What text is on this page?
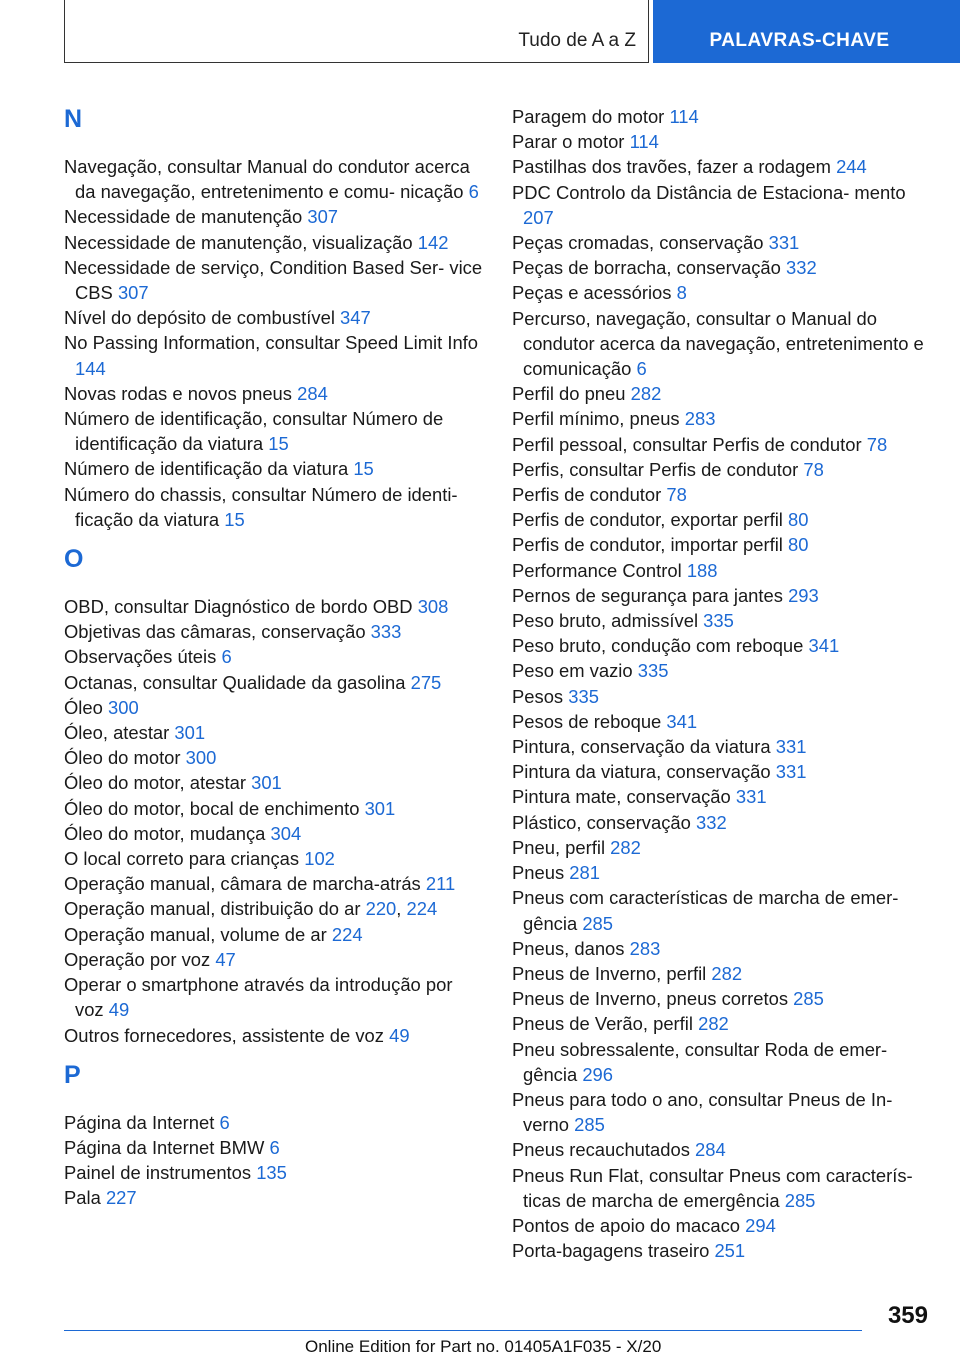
Tudo de A a Z	PALAVRAS-CHAVE
N
Navegação, consultar Manual do condutor acerca da navegação, entretenimento e comu- nicação 6
Necessidade de manutenção 307
Necessidade de manutenção, visualização 142
Necessidade de serviço, Condition Based Ser- vice CBS 307
Nível do depósito de combustível 347
No Passing Information, consultar Speed Limit Info 144
Novas rodas e novos pneus 284
Número de identificação, consultar Número de identificação da viatura 15
Número de identificação da viatura 15
Número do chassis, consultar Número de identi- ficação da viatura 15
O
OBD, consultar Diagnóstico de bordo OBD 308
Objetivas das câmaras, conservação 333
Observações úteis 6
Octanas, consultar Qualidade da gasolina 275
Óleo 300
Óleo, atestar 301
Óleo do motor 300
Óleo do motor, atestar 301
Óleo do motor, bocal de enchimento 301
Óleo do motor, mudança 304
O local correto para crianças 102
Operação manual, câmara de marcha-atrás 211
Operação manual, distribuição do ar 220, 224
Operação manual, volume de ar 224
Operação por voz 47
Operar o smartphone através da introdução por voz 49
Outros fornecedores, assistente de voz 49
P
Página da Internet 6
Página da Internet BMW 6
Painel de instrumentos 135
Pala 227
Paragem do motor 114
Parar o motor 114
Pastilhas dos travões, fazer a rodagem 244
PDC Controlo da Distância de Estaciona- mento 207
Peças cromadas, conservação 331
Peças de borracha, conservação 332
Peças e acessórios 8
Percurso, navegação, consultar o Manual do condutor acerca da navegação, entretenimento e comunicação 6
Perfil do pneu 282
Perfil mínimo, pneus 283
Perfil pessoal, consultar Perfis de condutor 78
Perfis, consultar Perfis de condutor 78
Perfis de condutor 78
Perfis de condutor, exportar perfil 80
Perfis de condutor, importar perfil 80
Performance Control 188
Pernos de segurança para jantes 293
Peso bruto, admissível 335
Peso bruto, condução com reboque 341
Peso em vazio 335
Pesos 335
Pesos de reboque 341
Pintura, conservação da viatura 331
Pintura da viatura, conservação 331
Pintura mate, conservação 331
Plástico, conservação 332
Pneu, perfil 282
Pneus 281
Pneus com características de marcha de emer- gência 285
Pneus, danos 283
Pneus de Inverno, perfil 282
Pneus de Inverno, pneus corretos 285
Pneus de Verão, perfil 282
Pneu sobressalente, consultar Roda de emer- gência 296
Pneus para todo o ano, consultar Pneus de In- verno 285
Pneus recauchutados 284
Pneus Run Flat, consultar Pneus com caracterís- ticas de marcha de emergência 285
Pontos de apoio do macaco 294
Porta-bagagens traseiro 251
359
Online Edition for Part no. 01405A1F035 - X/20
